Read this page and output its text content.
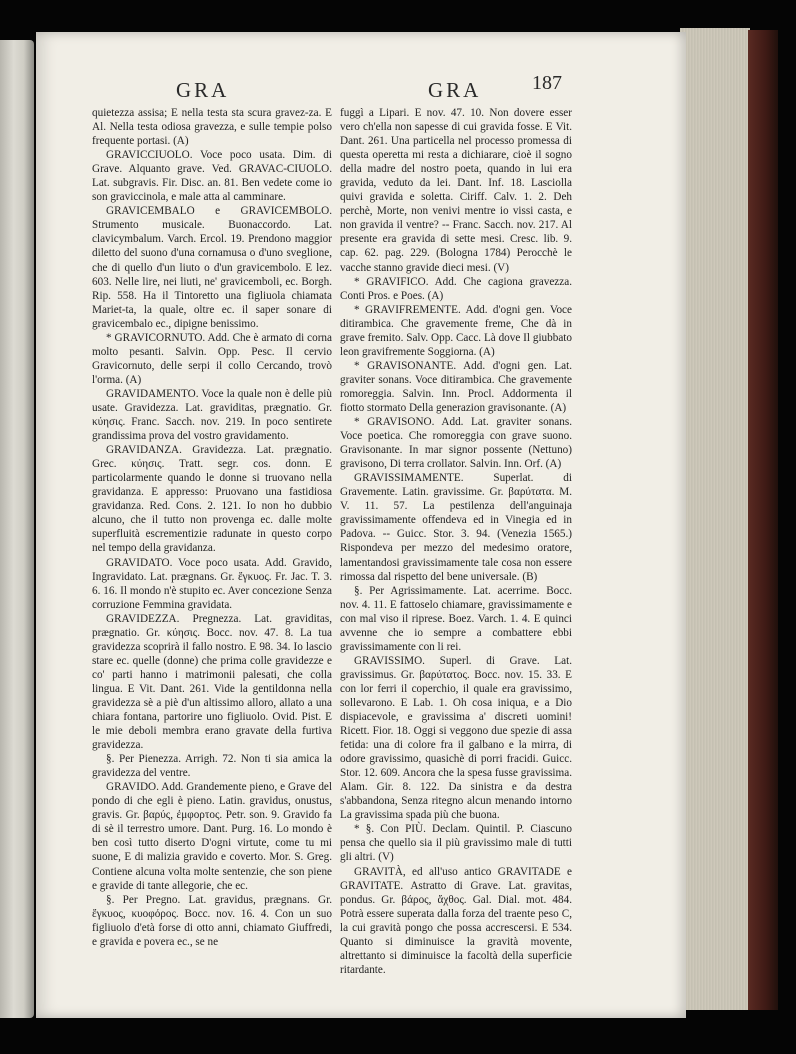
GRA	GRA	187

quietezza assisa; E nella testa sta scura gravez-za. E Al. Nella testa odiosa gravezza, e sulle tempie polso frequente portasi. (A)

GRAVICCIUOLO. Voce poco usata. Dim. di Grave. Alquanto grave. Ved. GRAVAC-CIUOLO. Lat. subgravis. Fir. Disc. an. 81. Ben vedete come io son graviccinola, e male atta al camminare.

GRAVICEMBALO e GRAVICEMBOLO. Strumento musicale. Buonaccordo. Lat. clavicymbalum. Varch. Ercol. 19. Prendono maggior diletto del suono d'una cornamusa o d'uno sveglione, che di quello d'un liuto o d'un gravicembolo. E lez. 603. Nelle lire, nei liuti, ne' gravicemboli, ec. Borgh. Rip. 558. Ha il Tintoretto una figliuola chiamata Mariet-ta, la quale, oltre ec. il saper sonare di gravicembalo ec., dipigne benissimo.

* GRAVICORNUTO. Add. Che è armato di corna molto pesanti. Salvin. Opp. Pesc. Il cervio Gravicornuto, delle serpi il collo Cercando, trovò l'orma. (A)

GRAVIDAMENTO. Voce la quale non è delle più usate. Gravidezza. Lat. graviditas, prægnatio. Gr. κύησις. Franc. Sacch. nov. 219. In poco sentirete grandissima prova del vostro gravidamento.

GRAVIDANZA. Gravidezza. Lat. prægnatio. Grec. κύησις. Tratt. segr. cos. donn. E particolarmente quando le donne si truovano nella gravidanza. E appresso: Pruovano una fastidiosa gravidanza. Red. Cons. 2. 121. Io non ho dubbio alcuno, che il tutto non provenga ec. dalle molte superfluità escrementizie radunate in questo corpo nel tempo della gravidanza.

GRAVIDATO. Voce poco usata. Add. Gravido, Ingravidato. Lat. prægnans. Gr. ἔγκυος. Fr. Jac. T. 3. 6. 16. Il mondo n'è stupito ec. Aver concezione Senza corruzione Femmina gravidata.

GRAVIDEZZA. Pregnezza. Lat. graviditas, prægnatio. Gr. κύησις. Bocc. nov. 47. 8. La tua gravidezza scoprirà il fallo nostro. E 98. 34. Io lascio stare ec. quelle (donne) che prima colle gravidezze e co' parti hanno i matrimonii palesati, che colla lingua. E Vit. Dant. 261. Vide la gentildonna nella gravidezza sè a piè d'un altissimo alloro, allato a una chiara fontana, partorire uno figliuolo. Ovid. Pist. E le mie deboli membra erano gravate della furtiva gravidezza.

§. Per Pienezza. Arrigh. 72. Non ti sia amica la gravidezza del ventre.

GRAVIDO. Add. Grandemente pieno, e Grave del pondo di che egli è pieno. Latin. gravidus, onustus, gravis. Gr. βαρύς, ἐμφορτος. Petr. son. 9. Gravido fa di sè il terrestro umore. Dant. Purg. 16. Lo mondo è ben così tutto diserto D'ogni virtute, come tu mi suone, E di malizia gravido e coverto. Mor. S. Greg. Contiene alcuna volta molte sentenzie, che son piene e gravide di tante allegorie, che ec.

§. Per Pregno. Lat. gravidus, prægnans. Gr. ἔγκυος, κυοφόρος. Bocc. nov. 16. 4. Con un suo figliuolo d'età forse di otto anni, chiamato Giuffredi, e gravida e povera ec., se ne

fuggì a Lipari. E nov. 47. 10. Non dovere esser vero ch'ella non sapesse di cui gravida fosse. E Vit. Dant. 261. Una particella nel processo promessa di questa operetta mi resta a dichiarare, cioè il sogno della madre del nostro poeta, quando in lui era gravida, veduto da lei. Dant. Inf. 18. Lasciolla quivi gravida e soletta. Ciriff. Calv. 1. 2. Deh perchè, Morte, non venivi mentre io vissi casta, e non gravida il ventre? -- Franc. Sacch. nov. 217. Al presente era gravida di sette mesi. Cresc. lib. 9. cap. 62. pag. 229. (Bologna 1784) Perocchè le vacche stanno gravide dieci mesi. (V)

* GRAVIFICO. Add. Che cagiona gravezza. Conti Pros. e Poes. (A)

* GRAVIFREMENTE. Add. d'ogni gen. Voce ditirambica. Che gravemente freme, Che dà in grave fremito. Salv. Opp. Cacc. Là dove Il giubbato leon gravifremente Soggiorna. (A)

* GRAVISONANTE. Add. d'ogni gen. Lat. graviter sonans. Voce ditirambica. Che gravemente romoreggia. Salvin. Inn. Procl. Addormenta il fiotto stormato Della generazion gravisonante. (A)

* GRAVISONO. Add. Lat. graviter sonans. Voce poetica. Che romoreggia con grave suono. Gravisonante. In mar signor possente (Nettuno) gravisono, Di terra crollator. Salvin. Inn. Orf. (A)

GRAVISSIMAMENTE. Superlat. di Gravemente. Latin. gravissime. Gr. βαρύτατα. M. V. 11. 57. La pestilenza dell'anguinaja gravissimamente offendeva ed in Vinegia ed in Padova. -- Guicc. Stor. 3. 94. (Venezia 1565.) Rispondeva per mezzo del medesimo oratore, lamentandosi gravissimamente tale cosa non essere rimossa dal rispetto del bene universale. (B)

§. Per Agrissimamente. Lat. acerrime. Bocc. nov. 4. 11. E fattoselo chiamare, gravissimamente e con mal viso il riprese. Boez. Varch. 1. 4. E quinci avvenne che io sempre a combattere ebbi gravissimamente con li rei.

GRAVISSIMO. Superl. di Grave. Lat. gravissimus. Gr. βαρύτατος. Bocc. nov. 15. 33. E con lor ferri il coperchio, il quale era gravissimo, sollevarono. E Lab. 1. Oh cosa iniqua, e a Dio dispiacevole, e gravissima a' discreti uomini! Ricett. Fior. 18. Oggi si veggono due spezie di assa fetida: una di colore fra il galbano e la mirra, di odore gravissimo, quasichè di porri fracidi. Guicc. Stor. 12. 609. Ancora che la spesa fusse gravissima. Alam. Gir. 8. 122. Da sinistra e da destra s'abbandona, Senza ritegno alcun menando intorno La gravissima spada più che buona.

* §. Con PIÙ. Declam. Quintil. P. Ciascuno pensa che quello sia il più gravissimo male di tutti gli altri. (V)

GRAVITÀ, ed all'uso antico GRAVITADE e GRAVITATE. Astratto di Grave. Lat. gravitas, pondus. Gr. βάρος, ἄχθος. Gal. Dial. mot. 484. Potrà essere superata dalla forza del traente peso C, la cui gravità pongo che possa accrescersi. E 534. Quanto si diminuisce la gravità movente, altrettanto si diminuisce la facoltà della superficie ritardante.
